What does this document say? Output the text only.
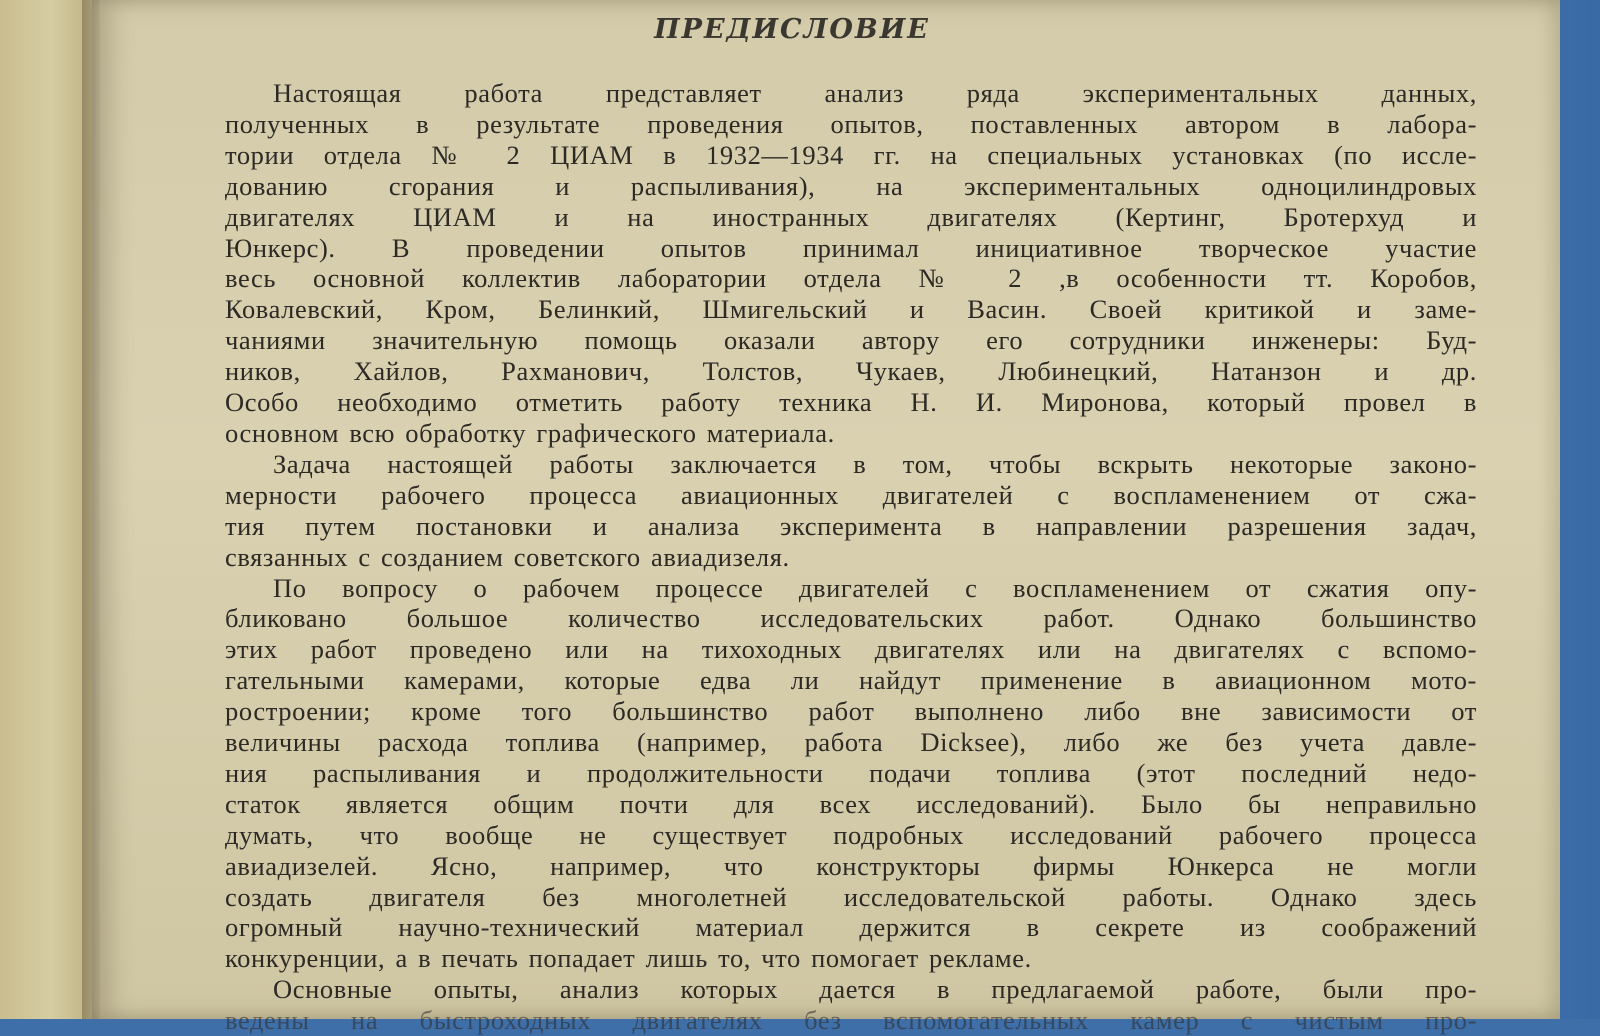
ПРЕДИСЛОВИЕ
Настоящая работа представляет анализ ряда экспериментальных данных,
полученных в результате проведения опытов, поставленных автором в лабора-
тории отдела № 2 ЦИАМ в 1932—1934 гг. на специальных установках (по иссле-
дованию сгорания и распыливания), на экспериментальных одноцилиндровых
двигателях ЦИАМ и на иностранных двигателях (Кертинг, Бротерхуд и
Юнкерс). В проведении опытов принимал инициативное творческое участие
весь основной коллектив лаборатории отдела № 2 ,в особенности тт. Коробов,
Ковалевский, Кром, Белинкий, Шмигельский и Васин. Своей критикой и заме-
чаниями значительную помощь оказали автору его сотрудники инженеры: Буд-
ников, Хайлов, Рахманович, Толстов, Чукаев, Любинецкий, Натанзон и др.
Особо необходимо отметить работу техника Н. И. Миронова, который провел в
основном всю обработку графического материала.
Задача настоящей работы заключается в том, чтобы вскрыть некоторые законо-
мерности рабочего процесса авиационных двигателей с воспламенением от сжа-
тия путем постановки и анализа эксперимента в направлении разрешения задач,
связанных с созданием советского авиадизеля.
По вопросу о рабочем процессе двигателей с воспламенением от сжатия опу-
бликовано большое количество исследовательских работ. Однако большинство
этих работ проведено или на тихоходных двигателях или на двигателях с вспомо-
гательными камерами, которые едва ли найдут применение в авиационном мото-
ростроении; кроме того большинство работ выполнено либо вне зависимости от
величины расхода топлива (например, работа Dicksee), либо же без учета давле-
ния распыливания и продолжительности подачи топлива (этот последний недо-
статок является общим почти для всех исследований). Было бы неправильно
думать, что вообще не существует подробных исследований рабочего процесса
авиадизелей. Ясно, например, что конструкторы фирмы Юнкерса не могли
создать двигателя без многолетней исследовательской работы. Однако здесь
огромный научно-технический материал держится в секрете из соображений
конкуренции, а в печать попадает лишь то, что помогает рекламе.
Основные опыты, анализ которых дается в предлагаемой работе, были про-
ведены на быстроходных двигателях без вспомогательных камер с чистым про-
